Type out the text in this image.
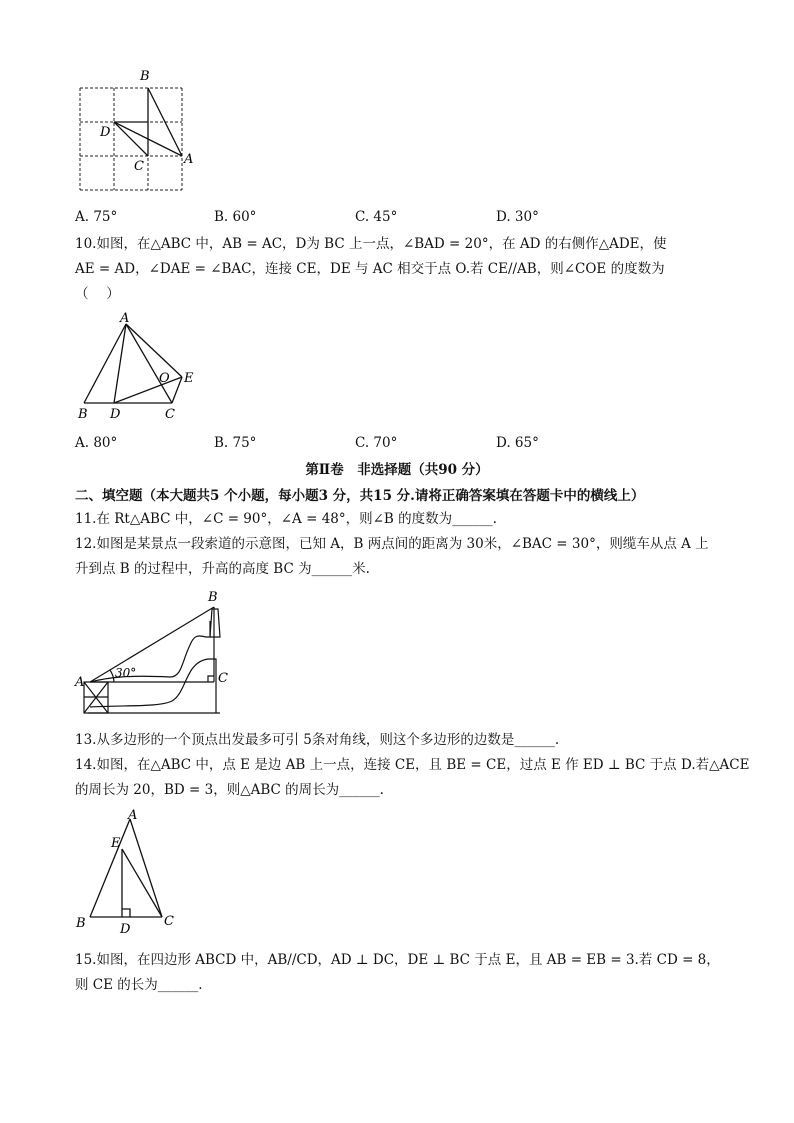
B
D
C	A
A. 75°	B. 60°	C. 45°	D. 30°
10.如图，在△ABC 中，AB = AC，D为 BC 上一点，∠BAD = 20°，在 AD 的右侧作△ADE，使
AE = AD，∠DAE = ∠BAC，连接 CE，DE 与 AC 相交于点 O.若 CE//AB，则∠COE 的度数为
（　 ）
A
O E
B D	C
A. 80°	B. 75°	C. 70°	D. 65°
第Ⅱ卷　非选择题（共90 分）
二、填空题（本大题共5 个小题，每小题3 分，共15 分.请将正确答案填在答题卡中的横线上）
11.在 Rt△ABC 中，∠C = 90°，∠A = 48°，则∠B 的度数为______.
12.如图是某景点一段索道的示意图，已知 A，B 两点间的距离为 30米，∠BAC = 30°，则缆车从点 A 上
升到点 B 的过程中，升高的高度 BC 为______米.
B
A	C
30°
13.从多边形的一个顶点出发最多可引 5条对角线，则这个多边形的边数是______.
14.如图，在△ABC 中，点 E 是边 AB 上一点，连接 CE，且 BE = CE，过点 E 作 ED ⊥ BC 于点 D.若△ACE
的周长为 20，BD = 3，则△ABC 的周长为______.
A
E
B	D
C
15.如图，在四边形 ABCD 中，AB//CD，AD ⊥ DC，DE ⊥ BC 于点 E，且 AB = EB = 3.若 CD = 8，
则 CE 的长为______.
